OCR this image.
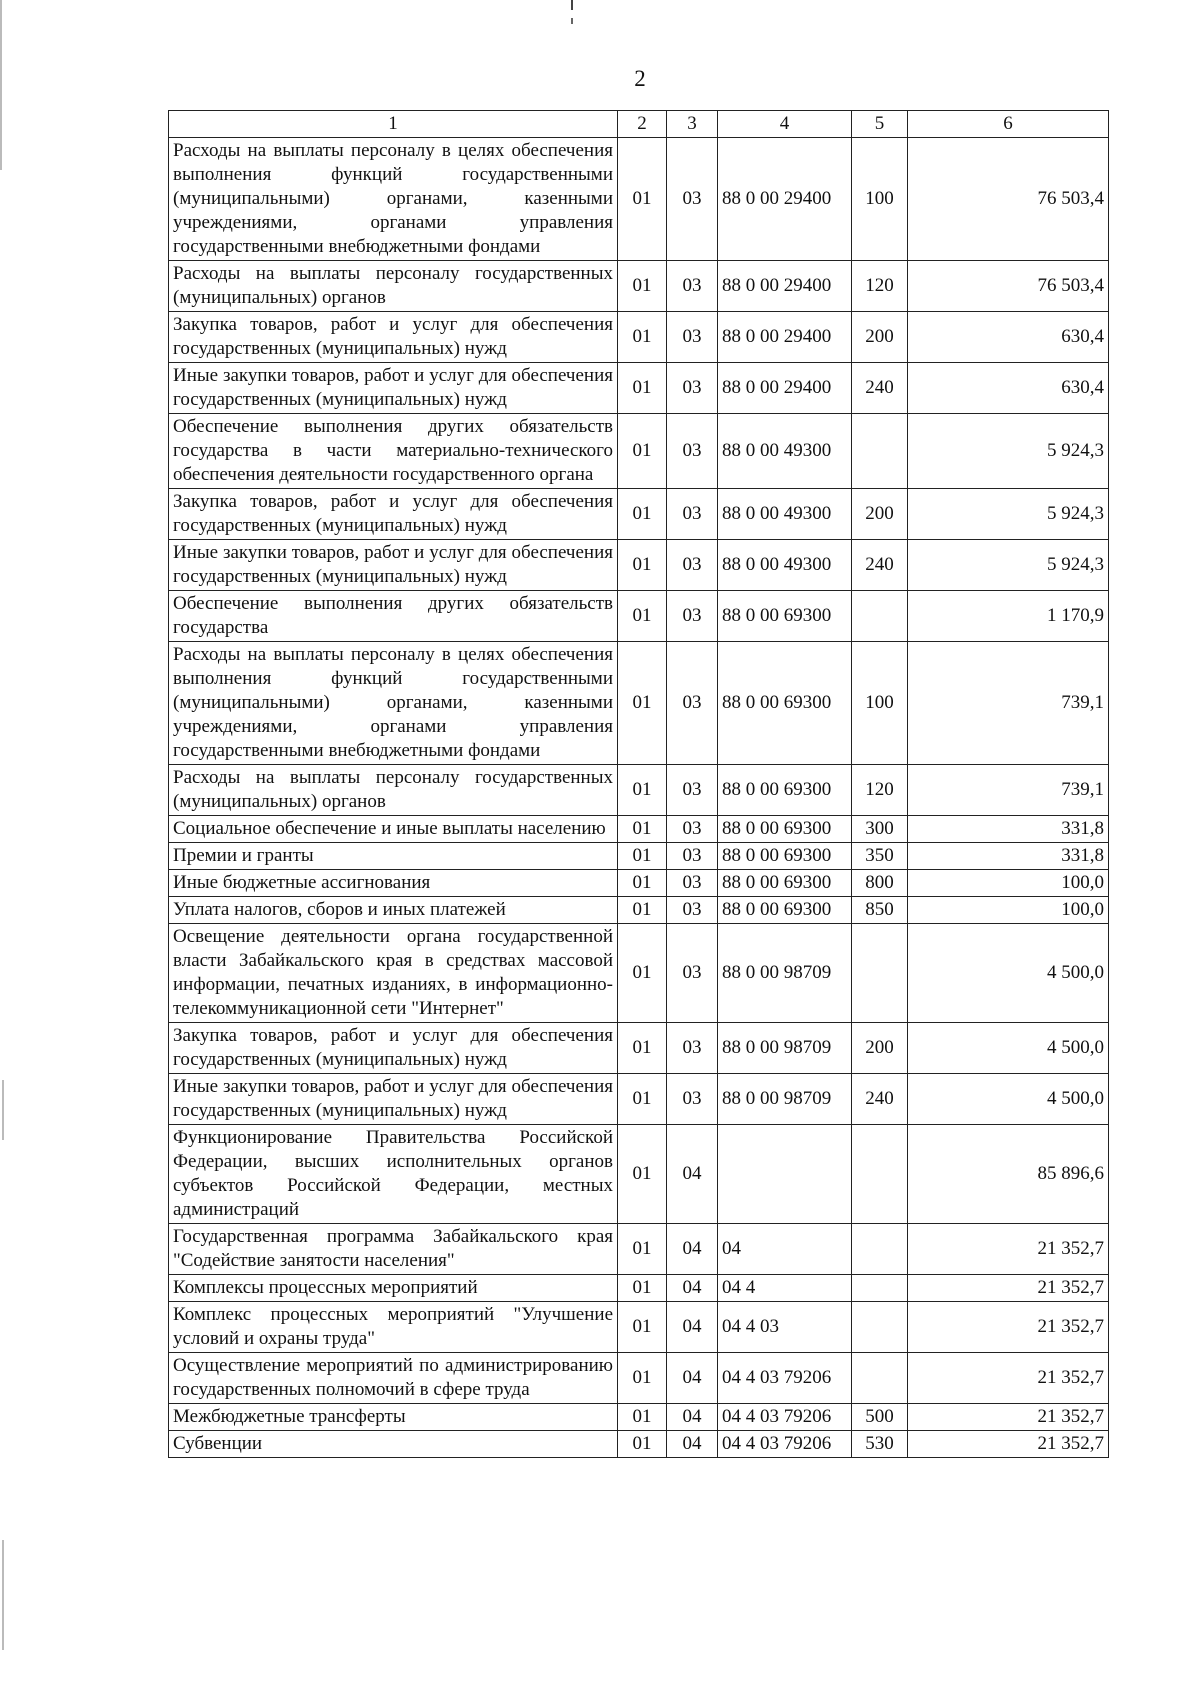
2
1	2	3	4	5	6
Расходы на выплаты персоналу в целях обеспечения выполнения функций государственными (муниципальными) органами, казенными учреждениями, органами управления государственными внебюджетными фондами	01	03	88 0 00 29400	100	76 503,4
Расходы на выплаты персоналу государственных (муниципальных) органов	01	03	88 0 00 29400	120	76 503,4
Закупка товаров, работ и услуг для обеспечения государственных (муниципальных) нужд	01	03	88 0 00 29400	200	630,4
Иные закупки товаров, работ и услуг для обеспечения государственных (муниципальных) нужд	01	03	88 0 00 29400	240	630,4
Обеспечение выполнения других обязательств государства в части материально-технического обеспечения деятельности государственного органа	01	03	88 0 00 49300		5 924,3
Закупка товаров, работ и услуг для обеспечения государственных (муниципальных) нужд	01	03	88 0 00 49300	200	5 924,3
Иные закупки товаров, работ и услуг для обеспечения государственных (муниципальных) нужд	01	03	88 0 00 49300	240	5 924,3
Обеспечение выполнения других обязательств государства	01	03	88 0 00 69300		1 170,9
Расходы на выплаты персоналу в целях обеспечения выполнения функций государственными (муниципальными) органами, казенными учреждениями, органами управления государственными внебюджетными фондами	01	03	88 0 00 69300	100	739,1
Расходы на выплаты персоналу государственных (муниципальных) органов	01	03	88 0 00 69300	120	739,1
Социальное обеспечение и иные выплаты населению	01	03	88 0 00 69300	300	331,8
Премии и гранты	01	03	88 0 00 69300	350	331,8
Иные бюджетные ассигнования	01	03	88 0 00 69300	800	100,0
Уплата налогов, сборов и иных платежей	01	03	88 0 00 69300	850	100,0
Освещение деятельности органа государственной власти Забайкальского края в средствах массовой информации, печатных изданиях, в информационно-телекоммуникационной сети "Интернет"	01	03	88 0 00 98709		4 500,0
Закупка товаров, работ и услуг для обеспечения государственных (муниципальных) нужд	01	03	88 0 00 98709	200	4 500,0
Иные закупки товаров, работ и услуг для обеспечения государственных (муниципальных) нужд	01	03	88 0 00 98709	240	4 500,0
Функционирование Правительства Российской Федерации, высших исполнительных органов субъектов Российской Федерации, местных администраций	01	04			85 896,6
Государственная программа Забайкальского края "Содействие занятости населения"	01	04	04		21 352,7
Комплексы процессных мероприятий	01	04	04 4		21 352,7
Комплекс процессных мероприятий "Улучшение условий и охраны труда"	01	04	04 4 03		21 352,7
Осуществление мероприятий по администрированию государственных полномочий в сфере труда	01	04	04 4 03 79206		21 352,7
Межбюджетные трансферты	01	04	04 4 03 79206	500	21 352,7
Субвенции	01	04	04 4 03 79206	530	21 352,7
